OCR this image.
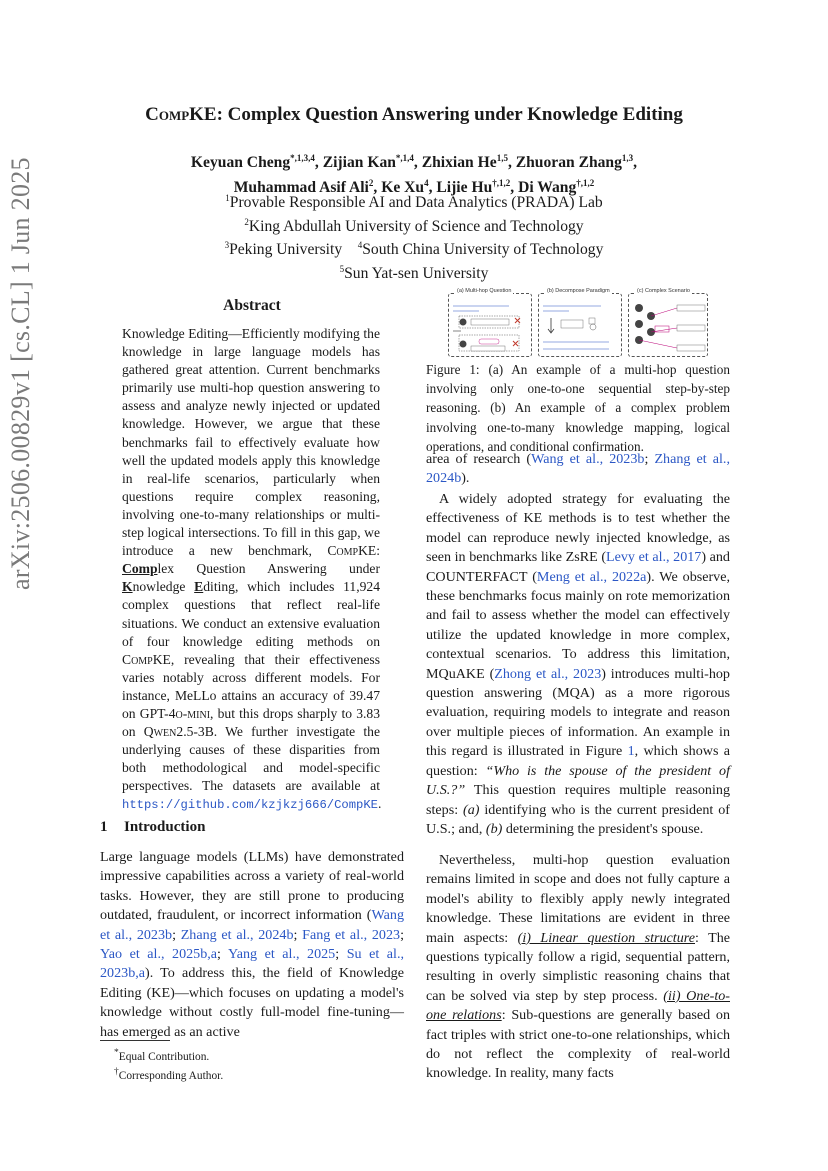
arXiv:2506.00829v1 [cs.CL] 1 Jun 2025
CompKE: Complex Question Answering under Knowledge Editing
Keyuan Cheng$^{*,1,3,4}$, Zijian Kan$^{*,1,4}$, Zhixian He$^{1,5}$, Zhuoran Zhang$^{1,3}$,
Muhammad Asif Ali$^2$, Ke Xu$^4$, Lijie $Hu^{\dagger,1,2}$, Di Wang$^{\dagger,1,2}$
$^1$Provable Responsible AI and Data Analytics (PRADA) Lab
$^2$King Abdullah University of Science and Technology
$^3$Peking University $^4$South China University of Technology
$^5$Sun Yat-sen University
Abstract
Knowledge Editing—Efficiently modifying the knowledge in large language models has gathered great attention. Current benchmarks primarily use multi-hop question answering to assess and analyze newly injected or updated knowledge. However, we argue that these benchmarks fail to effectively evaluate how well the updated models apply this knowledge in real-life scenarios, particularly when questions require complex reasoning, involving one-to-many relationships or multi-step logical intersections. To fill in this gap, we introduce a new benchmark, CompKE: Complex Question Answering under Knowledge Editing, which includes 11,924 complex questions that reflect real-life situations. We conduct an extensive evaluation of four knowledge editing methods on CompKE, revealing that their effectiveness varies notably across different models. For instance, MeLLo attains an accuracy of 39.47 on GPT-4o-mini, but this drops sharply to 3.83 on Qwen2.5-3B. We further investigate the underlying causes of these disparities from both methodological and model-specific perspectives. The datasets are available at https://github.com/kzjkzj666/CompKE.
1 Introduction
Large language models (LLMs) have demonstrated impressive capabilities across a variety of real-world tasks. However, they are still prone to producing outdated, fraudulent, or incorrect information (Wang et al., 2023b; Zhang et al., 2024b; Fang et al., 2023; Yao et al., 2025b,a; Yang et al., 2025; Su et al., 2023b,a). To address this, the field of Knowledge Editing (KE)—which focuses on updating a model's knowledge without costly full-model fine-tuning—has emerged as an active
*Equal Contribution.
†Corresponding Author.
(a) Multi-hop Question	(b) Decompose Paradigm	(c) Complex Scenario
Figure 1: (a) An example of a multi-hop question involving only one-to-one sequential step-by-step reasoning. (b) An example of a complex problem involving one-to-many knowledge mapping, logical operations, and conditional confirmation.
area of research (Wang et al., 2023b; Zhang et al., 2024b).
A widely adopted strategy for evaluating the effectiveness of KE methods is to test whether the model can reproduce newly injected knowledge, as seen in benchmarks like ZsRE (Levy et al., 2017) and COUNTERFACT (Meng et al., 2022a). We observe, these benchmarks focus mainly on rote memorization and fail to assess whether the model can effectively utilize the updated knowledge in more complex, contextual scenarios. To address this limitation, MQuAKE (Zhong et al., 2023) introduces multi-hop question answering (MQA) as a more rigorous evaluation, requiring models to integrate and reason over multiple pieces of information. An example in this regard is illustrated in Figure 1, which shows a question: “Who is the spouse of the president of U.S.?” This question requires multiple reasoning steps: (a) identifying who is the current president of U.S.; and, (b) determining the president's spouse.
Nevertheless, multi-hop question evaluation remains limited in scope and does not fully capture a model's ability to flexibly apply newly integrated knowledge. These limitations are evident in three main aspects: (i) Linear question structure: The questions typically follow a rigid, sequential pattern, resulting in overly simplistic reasoning chains that can be solved via step by step process. (ii) One-to-one relations: Sub-questions are generally based on fact triples with strict one-to-one relationships, which do not reflect the complexity of real-world knowledge. In reality, many facts
